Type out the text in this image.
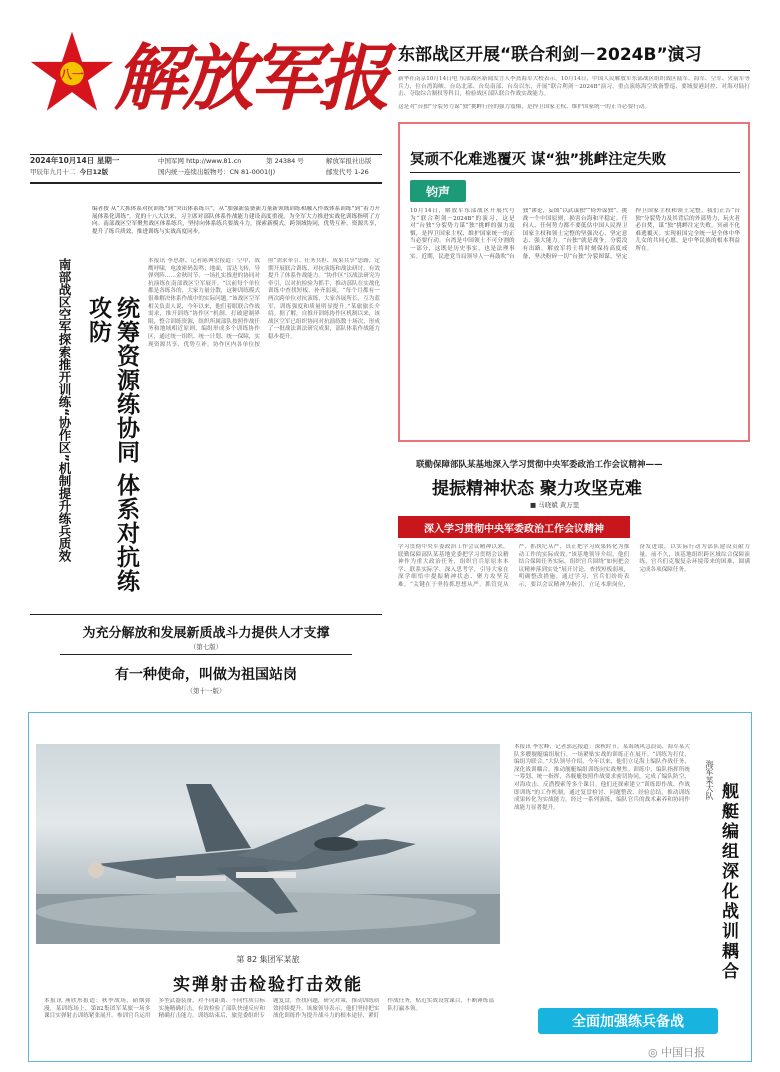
八一 解放军报
2024年10月14日 星期一
甲辰年九月十二 今日12版
中国军网 http://www.81.cn
国内统一连续出版物号：CN 81-0001(J)
第 24384 号	解放军报社出版
邮发代号 1-26
东部战区开展“联合利剑－2024B”演习
新华社南京10月14日电 东部战区新闻发言人李熹海军大校表示，10月14日，中国人民解放军东部战区组织战区陆军、海军、空军、火箭军等兵力，位台湾海峡、台岛北部、台岛南部、台岛以东，开展“联合利剑－2024B”演习，重点演练海空战备警巡、要域要港封控、对海对陆打击、夺取综合制权等科目，检验战区部队联合作战实战能力。
这是对“台独”分裂势力谋“独”挑衅行径的强力震慑，是捍卫国家主权、维护国家统一的正当必要行动。
编者按 从“大抓体系对抗训练”到“突出体系练兵”，从“加强新装备新力量新领域训练和融入作战体系训练”到“着力开展体系化训练”，党的十八大以来，习主席对部队体系作战能力建设高度重视，为全军大力推进实战化训练指明了方向。南部战区空军聚焦战区体系练兵，坚持向体系练兵要战斗力，探索新模式，跨领域协同，优势互补，资源共享，提升了练兵质效，推进训练与实战高度同步。
南部战区空军探索推开训练“协作区”机制提升练兵质效	统筹资源练协同 体系对抗练攻防
本报讯 李思群、记者陈典宏报道：空中，战鹰呼啸，电波密码轰鸣；地面，雷达飞转，导弹列阵……金秋时节，一场扎实推进的协同对抗演练在南部战区空军展开。“以前每个单位都是各练各的，大家力量分散，这种训练模式很难解决体系作战中的实际问题。”该战区空军相关负责人说，今年以来，他们着眼联合作战需求，推开训练“协作区”机制，打破建制界限，整合训练资源，组织所属部队按照作战任务和地域相近原则，编组形成多个训练协作区，通过统一组织、统一计划、统一保障，实现资源共享、优势互补。协作区内各单位按照“需求牵引、任务共担、成果共享”思路，定期开展联合训练、对抗演练和战法研讨，有效提升了体系作战能力。“协作区”以战法研究为牵引，以对抗检验为抓手，推动部队在实战化训练中查找短板、补齐弱项。“每个月都有一两次跨单位对抗演练，大家各展所长，互为蓝军，训练强度和质量明显提升。”某旅旅长介绍。据了解，自推开训练协作区机制以来，该战区空军已组织协同对抗演练数十场次，形成了一批战法训法研究成果，部队体系作战能力稳步提升。
冥顽不化难逃覆灭 谋“独”挑衅注定失败
钧声
10月14日，解放军东部战区开展代号为“联合利剑－2024B”的演习，这是对“台独”分裂势力谋“独”挑衅的强力震慑，是捍卫国家主权、维护国家统一的正当必要行动。台湾是中国领土不可分割的一部分，这既是历史事实，也是法理事实。近期，民进党当局领导人一再鼓吹“台独”谬论，妄图“以武谋独”“倚外谋独”，挑战一个中国原则，损害台海和平稳定。任何人、任何势力都不要低估中国人民捍卫国家主权和领土完整的坚强决心、坚定意志、强大能力。“台独”就是战争，分裂没有出路。解放军将士将时刻保持高度戒备，坚决粉碎一切“台独”分裂图谋，坚定捍卫国家主权和领土完整。我们正告“台独”分裂势力及其背后的外部势力，玩火者必自焚，谋“独”挑衅注定失败，冥顽不化难逃覆灭。实现祖国完全统一是全体中华儿女的共同心愿，是中华民族的根本利益所在。
联勤保障部队某基地深入学习贯彻中央军委政治工作会议精神——
提振精神状态 聚力攻坚克难
■ 马晓斌 黄万里
深入学习贯彻中央军委政治工作会议精神
学习贯彻中央军委政治工作会议精神以来，联勤保障部队某基地党委把学习贯彻会议精神作为重大政治任务，组织官兵原原本本学、联系实际学、深入思考学，引导大家在深学细悟中提振精神状态、聚力攻坚克难。“关键在于坚持抓思想从严、抓管党从严、抓执纪从严，真正把学习成果转化为推动工作的实际成效。”该基地领导介绍，他们结合保障任务实际，组织官兵围绕“如何把会议精神落到实处”展开讨论，查找短板弱项，明确整改措施。通过学习，官兵们纷纷表示，要以会议精神为指引，立足本职岗位，奋发进取，以实际行动为部队建设贡献力量。前不久，该基地组织跨区域综合保障演练，官兵们克服复杂环境带来的困难，圆满完成各项保障任务。
为充分解放和发展新质战斗力提供人才支撑
（第七版）
有一种使命，叫做为祖国站岗
（第十一版）
第 82 集团军某旅
实弹射击检验打击效能
本报讯 燕欣彤报道：秋季战场，硝烟弥漫，某训练场上，第82集团军某旅一场多课目实弹射击训练紧张展开。参训官兵运用多型武器装备，对不同距离、不同性质目标实施精确打击，有效检验了部队快速反应和精确打击能力。训练结束后，旅党委组织专题复盘，查找问题，研究对策，推动训练质效持续提升。该旅领导表示，他们坚持把实战化训练作为提升战斗力的根本途径，紧盯作战任务，贴近实战设置课目，不断锤炼部队打赢本领。
本报讯 李宏峰、记者郭远报道：深秋时节，某海域风急浪高，海军某大队多艘舰艇编组航行，一场紧贴实战的训练正在展开。“训练为打仗，编组为联合。”大队领导介绍，今年以来，他们立足海上编队作战任务，深化战训耦合，推动舰艇编组训练向实战聚焦。训练中，编队指挥所统一筹划、统一指挥，各舰艇按照作战要求密切协同，完成了编队防空、对海攻击、反潜搜索等多个课目。他们还探索建立“训练即作战、作战即训练”的工作机制，通过复盘检讨、问题整改、经验总结，推动训练成果转化为实战能力。经过一系列演练，编队官兵的战术素养和协同作战能力显著提升。
海军某大队
舰艇编组深化战训耦合
全面加强练兵备战
◎ 中国日报
